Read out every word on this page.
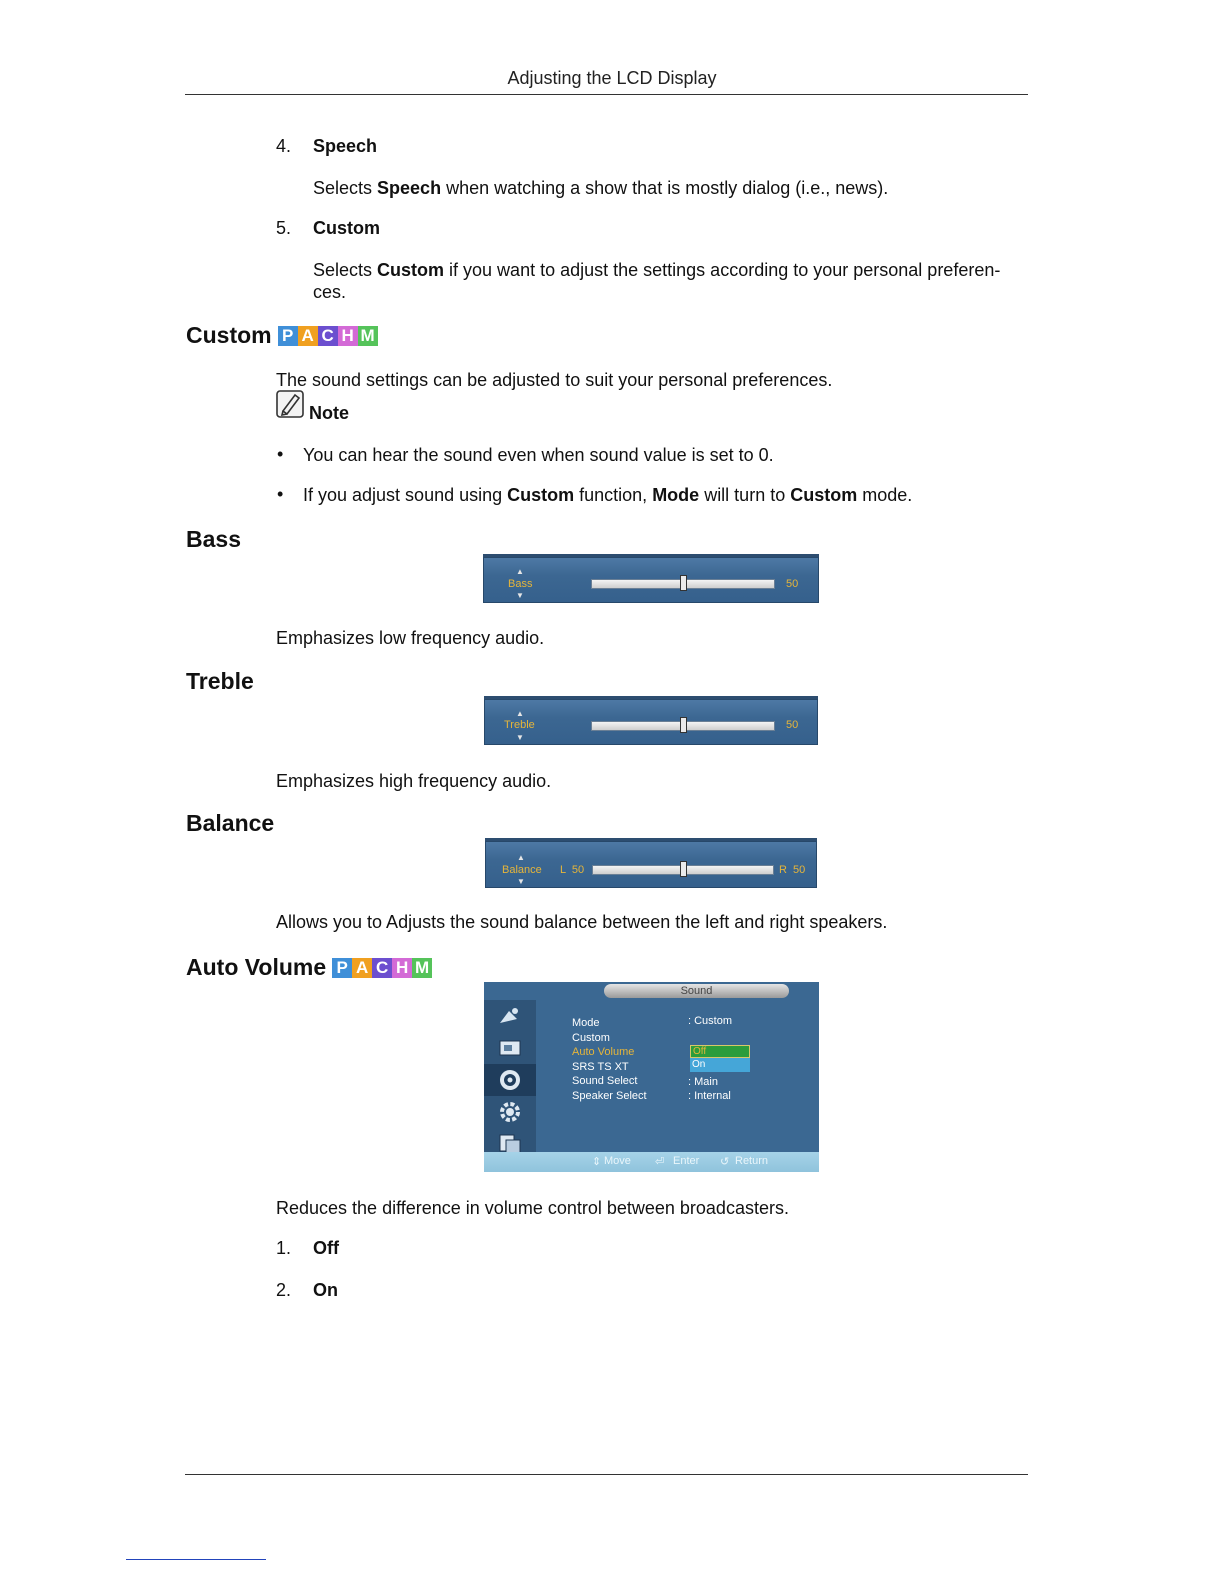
Adjusting the LCD Display
4. Speech
Selects Speech when watching a show that is mostly dialog (i.e., news).
5. Custom
Selects Custom if you want to adjust the settings according to your personal preferen-
ces.
Custom P A C H M
The sound settings can be adjusted to suit your personal preferences.
Note
• You can hear the sound even when sound value is set to 0.
• If you adjust sound using Custom function, Mode will turn to Custom mode.
Bass
▲
Bass
▼
50
Emphasizes low frequency audio.
Treble
▲
Treble
▼
50
Emphasizes high frequency audio.
Balance
▲
Balance
▼
L  50	R  50
Allows you to Adjusts the sound balance between the left and right speakers.
Auto Volume P A C H M
Sound
Mode
Custom
Auto Volume
SRS TS XT
Sound Select
Speaker Select
: Custom
Off
On
: Main
: Internal
⇕ Move ⏎ Enter ↺ Return
Reduces the difference in volume control between broadcasters.
1. Off
2. On
